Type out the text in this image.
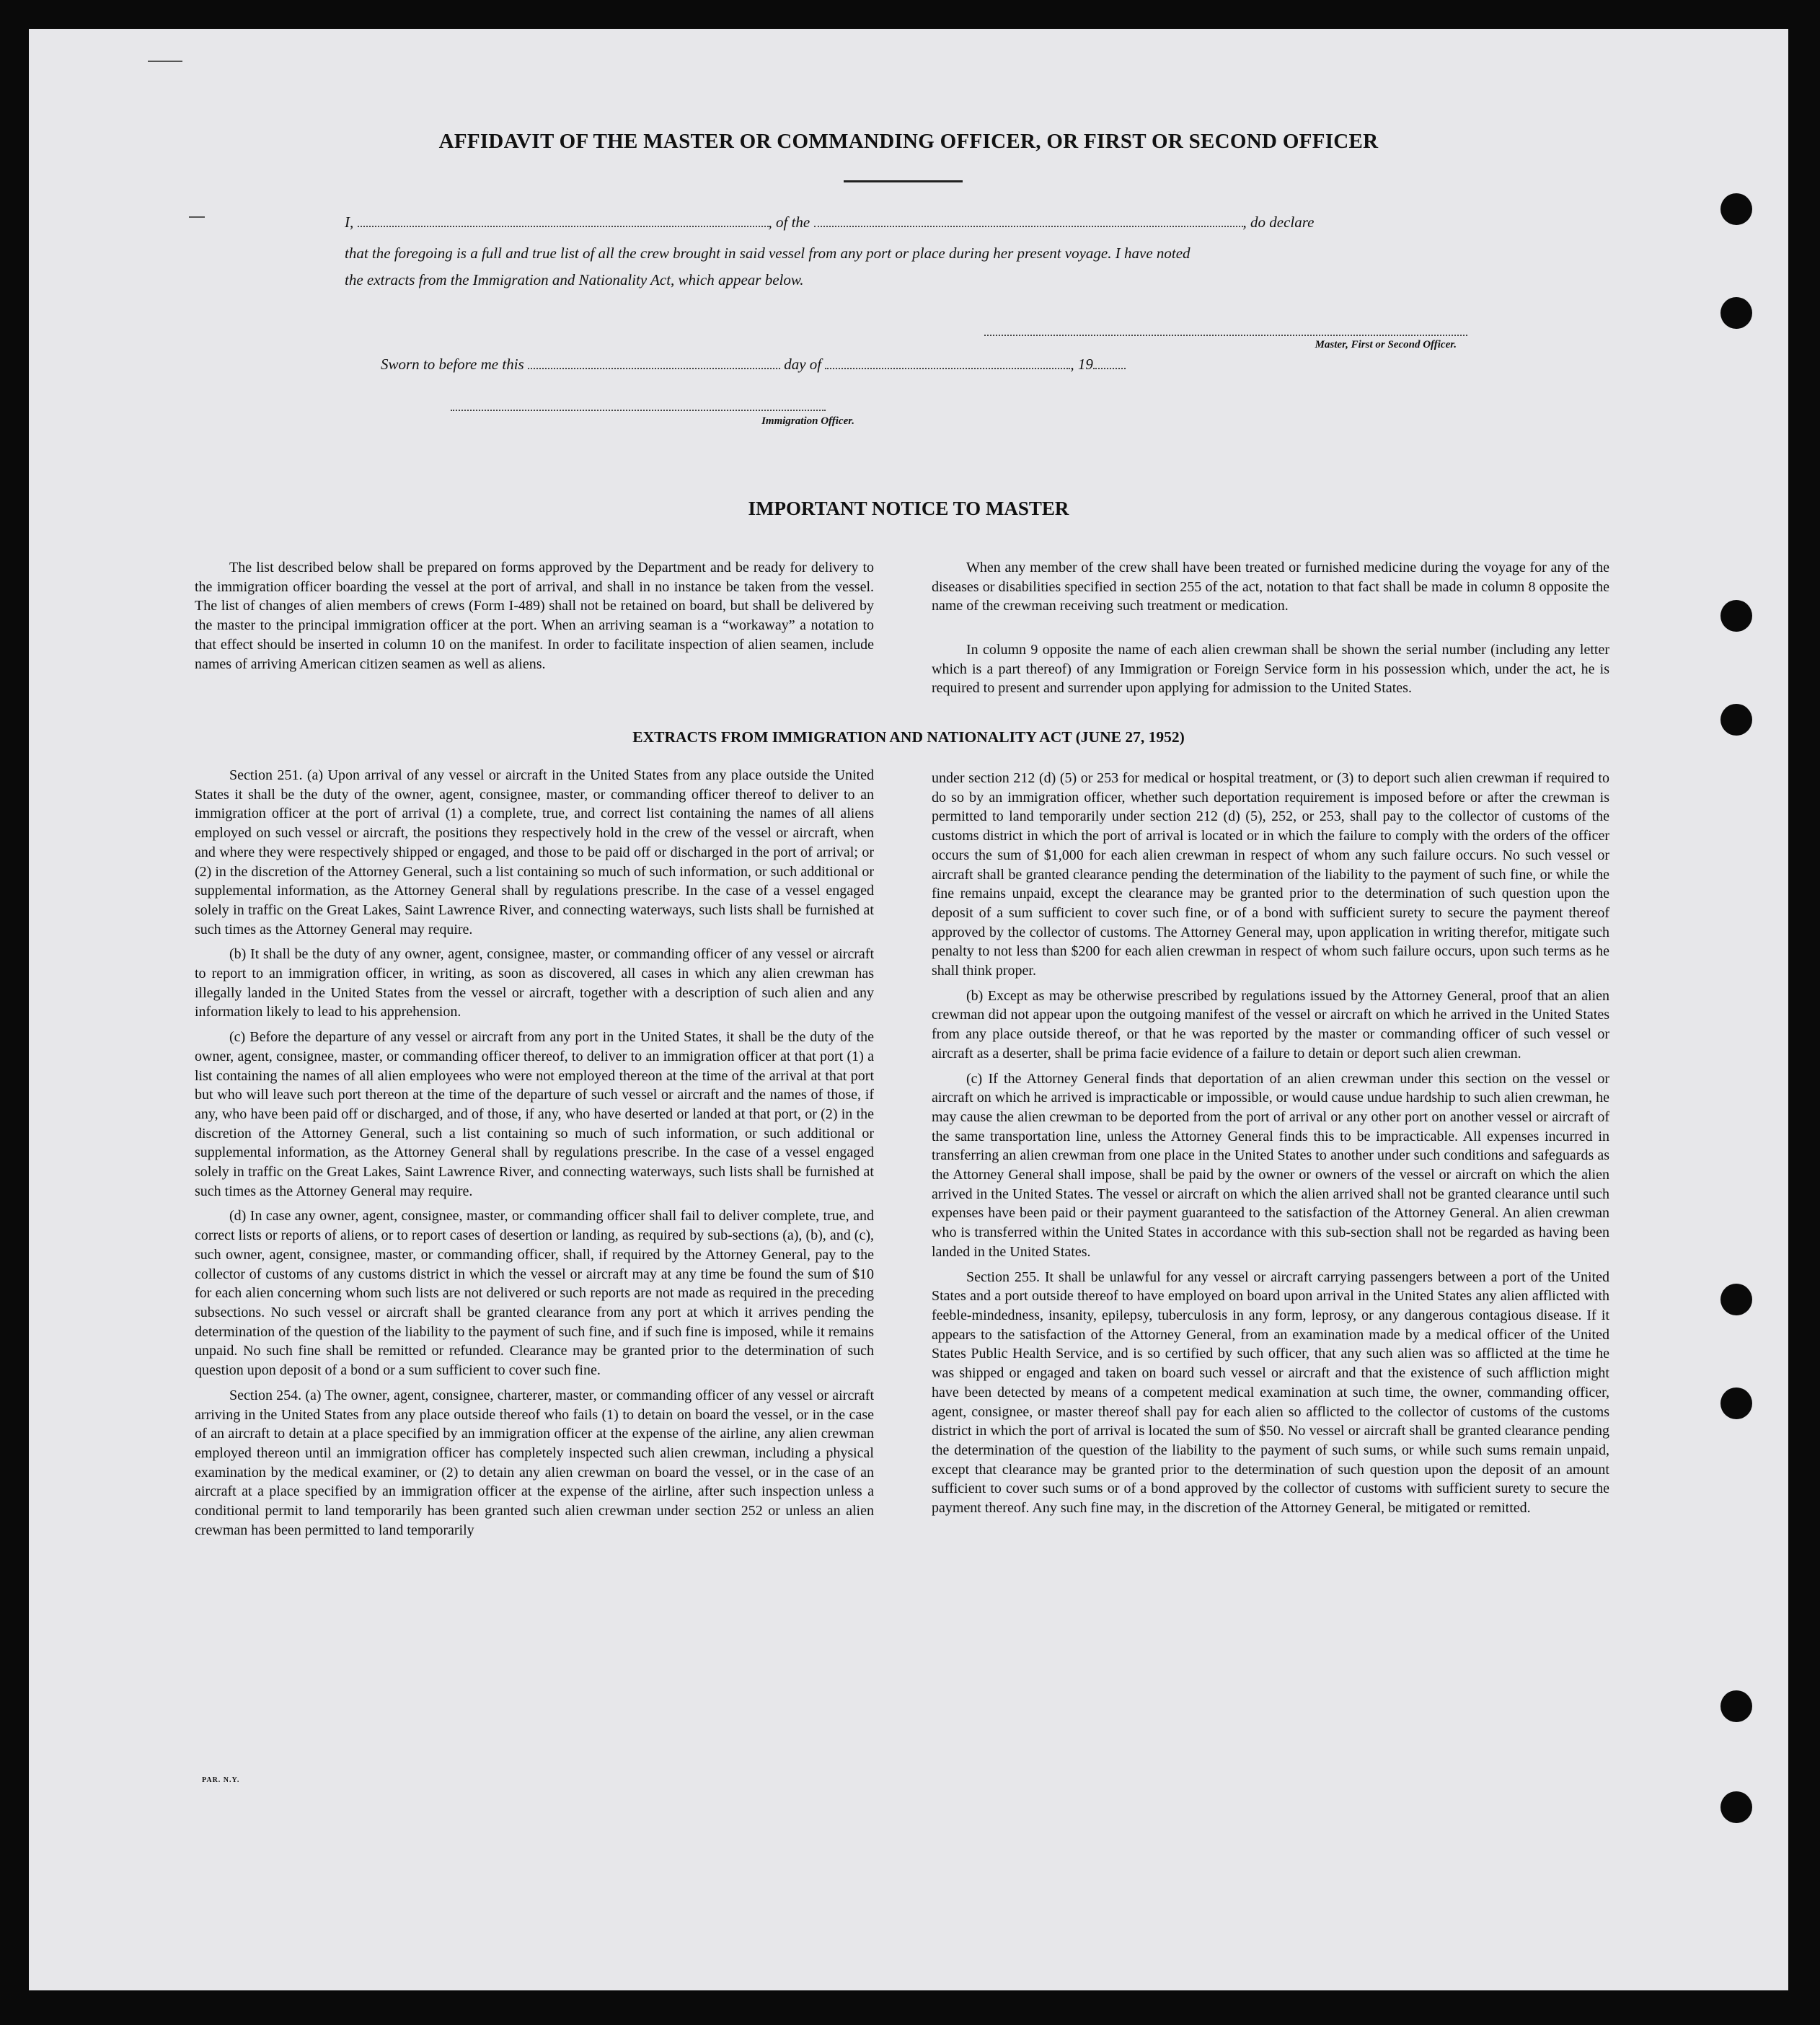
AFFIDAVIT OF THE MASTER OR COMMANDING OFFICER, OR FIRST OR SECOND OFFICER
I,	, of the	, do declare
that the foregoing is a full and true list of all the crew brought in said vessel from any port or place during her present voyage. I have noted
the extracts from the Immigration and Nationality Act, which appear below.
Master, First or Second Officer.
Sworn to before me this	day of	, 19
Immigration Officer.
IMPORTANT NOTICE TO MASTER
The list described below shall be prepared on forms approved by the Department and be ready for delivery to the immigration officer boarding the vessel at the port of arrival, and shall in no instance be taken from the vessel. The list of changes of alien members of crews (Form I-489) shall not be retained on board, but shall be delivered by the master to the principal immigration officer at the port. When an arriving seaman is a “workaway” a notation to that effect should be inserted in column 10 on the manifest. In order to facilitate inspection of alien seamen, include names of arriving American citizen seamen as well as aliens.
When any member of the crew shall have been treated or furnished medicine during the voyage for any of the diseases or disabilities specified in section 255 of the act, notation to that fact shall be made in column 8 opposite the name of the crewman receiving such treatment or medication.
In column 9 opposite the name of each alien crewman shall be shown the serial number (including any letter which is a part thereof) of any Immigration or Foreign Service form in his possession which, under the act, he is required to present and surrender upon applying for admission to the United States.
EXTRACTS FROM IMMIGRATION AND NATIONALITY ACT (JUNE 27, 1952)

Section 251. (a) Upon arrival of any vessel or aircraft in the United States from any place outside the United States it shall be the duty of the owner, agent, consignee, master, or commanding officer thereof to deliver to an immigration officer at the port of arrival (1) a complete, true, and correct list containing the names of all aliens employed on such vessel or aircraft, the positions they respectively hold in the crew of the vessel or aircraft, when and where they were respectively shipped or engaged, and those to be paid off or discharged in the port of arrival; or (2) in the discretion of the Attorney General, such a list containing so much of such information, or such additional or supplemental information, as the Attorney General shall by regulations prescribe. In the case of a vessel engaged solely in traffic on the Great Lakes, Saint Lawrence River, and connecting waterways, such lists shall be furnished at such times as the Attorney General may require.

(b) It shall be the duty of any owner, agent, consignee, master, or commanding officer of any vessel or aircraft to report to an immigration officer, in writing, as soon as discovered, all cases in which any alien crewman has illegally landed in the United States from the vessel or aircraft, together with a description of such alien and any information likely to lead to his apprehension.

(c) Before the departure of any vessel or aircraft from any port in the United States, it shall be the duty of the owner, agent, consignee, master, or commanding officer thereof, to deliver to an immigration officer at that port (1) a list containing the names of all alien employees who were not employed thereon at the time of the arrival at that port but who will leave such port thereon at the time of the departure of such vessel or aircraft and the names of those, if any, who have been paid off or discharged, and of those, if any, who have deserted or landed at that port, or (2) in the discretion of the Attorney General, such a list containing so much of such information, or such additional or supplemental information, as the Attorney General shall by regulations prescribe. In the case of a vessel engaged solely in traffic on the Great Lakes, Saint Lawrence River, and connecting waterways, such lists shall be furnished at such times as the Attorney General may require.

(d) In case any owner, agent, consignee, master, or commanding officer shall fail to deliver complete, true, and correct lists or reports of aliens, or to report cases of desertion or landing, as required by sub-sections (a), (b), and (c), such owner, agent, consignee, master, or commanding officer, shall, if required by the Attorney General, pay to the collector of customs of any customs district in which the vessel or aircraft may at any time be found the sum of $10 for each alien concerning whom such lists are not delivered or such reports are not made as required in the preceding subsections. No such vessel or aircraft shall be granted clearance from any port at which it arrives pending the determination of the question of the liability to the payment of such fine, and if such fine is imposed, while it remains unpaid. No such fine shall be remitted or refunded. Clearance may be granted prior to the determination of such question upon deposit of a bond or a sum sufficient to cover such fine.

Section 254. (a) The owner, agent, consignee, charterer, master, or commanding officer of any vessel or aircraft arriving in the United States from any place outside thereof who fails (1) to detain on board the vessel, or in the case of an aircraft to detain at a place specified by an immigration officer at the expense of the airline, any alien crewman employed thereon until an immigration officer has completely inspected such alien crewman, including a physical examination by the medical examiner, or (2) to detain any alien crewman on board the vessel, or in the case of an aircraft at a place specified by an immigration officer at the expense of the airline, after such inspection unless a conditional permit to land temporarily has been granted such alien crewman under section 252 or unless an alien crewman has been permitted to land temporarily

under section 212 (d) (5) or 253 for medical or hospital treatment, or (3) to deport such alien crewman if required to do so by an immigration officer, whether such deportation requirement is imposed before or after the crewman is permitted to land temporarily under section 212 (d) (5), 252, or 253, shall pay to the collector of customs of the customs district in which the port of arrival is located or in which the failure to comply with the orders of the officer occurs the sum of $1,000 for each alien crewman in respect of whom any such failure occurs. No such vessel or aircraft shall be granted clearance pending the determination of the liability to the payment of such fine, or while the fine remains unpaid, except the clearance may be granted prior to the determination of such question upon the deposit of a sum sufficient to cover such fine, or of a bond with sufficient surety to secure the payment thereof approved by the collector of customs. The Attorney General may, upon application in writing therefor, mitigate such penalty to not less than $200 for each alien crewman in respect of whom such failure occurs, upon such terms as he shall think proper.

(b) Except as may be otherwise prescribed by regulations issued by the Attorney General, proof that an alien crewman did not appear upon the outgoing manifest of the vessel or aircraft on which he arrived in the United States from any place outside thereof, or that he was reported by the master or commanding officer of such vessel or aircraft as a deserter, shall be prima facie evidence of a failure to detain or deport such alien crewman.

(c) If the Attorney General finds that deportation of an alien crewman under this section on the vessel or aircraft on which he arrived is impracticable or impossible, or would cause undue hardship to such alien crewman, he may cause the alien crewman to be deported from the port of arrival or any other port on another vessel or aircraft of the same transportation line, unless the Attorney General finds this to be impracticable. All expenses incurred in transferring an alien crewman from one place in the United States to another under such conditions and safeguards as the Attorney General shall impose, shall be paid by the owner or owners of the vessel or aircraft on which the alien arrived in the United States. The vessel or aircraft on which the alien arrived shall not be granted clearance until such expenses have been paid or their payment guaranteed to the satisfaction of the Attorney General. An alien crewman who is transferred within the United States in accordance with this sub-section shall not be regarded as having been landed in the United States.

Section 255. It shall be unlawful for any vessel or aircraft carrying passengers between a port of the United States and a port outside thereof to have employed on board upon arrival in the United States any alien afflicted with feeble-mindedness, insanity, epilepsy, tuberculosis in any form, leprosy, or any dangerous contagious disease. If it appears to the satisfaction of the Attorney General, from an examination made by a medical officer of the United States Public Health Service, and is so certified by such officer, that any such alien was so afflicted at the time he was shipped or engaged and taken on board such vessel or aircraft and that the existence of such affliction might have been detected by means of a competent medical examination at such time, the owner, commanding officer, agent, consignee, or master thereof shall pay for each alien so afflicted to the collector of customs of the customs district in which the port of arrival is located the sum of $50. No vessel or aircraft shall be granted clearance pending the determination of the question of the liability to the payment of such sums, or while such sums remain unpaid, except that clearance may be granted prior to the determination of such question upon the deposit of an amount sufficient to cover such sums or of a bond approved by the collector of customs with sufficient surety to secure the payment thereof. Any such fine may, in the discretion of the Attorney General, be mitigated or remitted.

PAR. N.Y.
